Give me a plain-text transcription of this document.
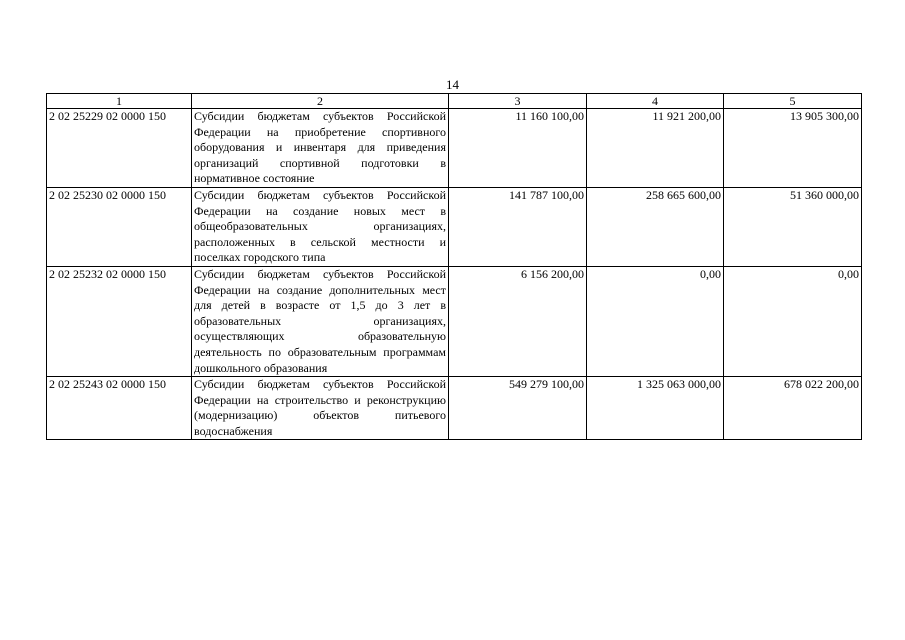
14
1	2	3	4	5
2 02 25229 02 0000 150	Субсидии бюджетам субъектов Российской Федерации на приобретение спортивного оборудования и инвентаря для приведения организаций спортивной подготовки в нормативное состояние	11 160 100,00	11 921 200,00	13 905 300,00
2 02 25230 02 0000 150	Субсидии бюджетам субъектов Российской Федерации на создание новых мест в общеобразовательных организациях, расположенных в сельской местности и поселках городского типа	141 787 100,00	258 665 600,00	51 360 000,00
2 02 25232 02 0000 150	Субсидии бюджетам субъектов Российской Федерации на создание дополнительных мест для детей в возрасте от 1,5 до 3 лет в образовательных организациях, осуществляющих образовательную деятельность по образовательным программам дошкольного образования	6 156 200,00	0,00	0,00
2 02 25243 02 0000 150	Субсидии бюджетам субъектов Российской Федерации на строительство и реконструкцию (модернизацию) объектов питьевого водоснабжения	549 279 100,00	1 325 063 000,00	678 022 200,00
